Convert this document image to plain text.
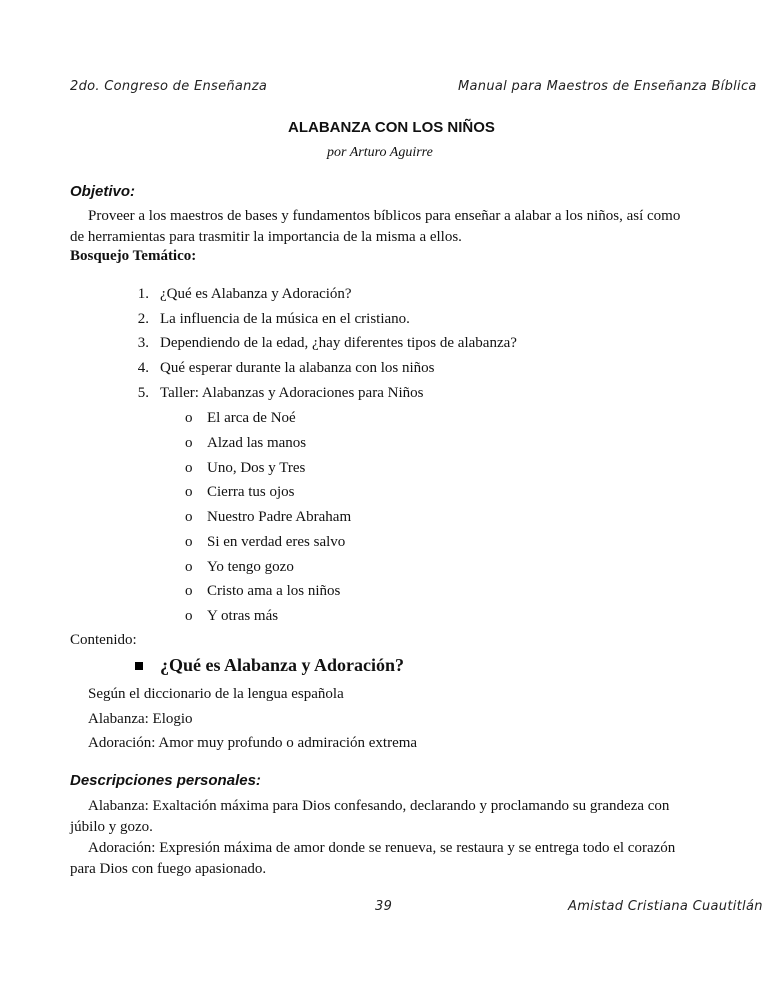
2do. Congreso de Enseñanza	Manual para Maestros de Enseñanza Bíblica
ALABANZA CON LOS NIÑOS
por Arturo Aguirre
Objetivo:
Proveer a los maestros de bases y fundamentos bíblicos para enseñar a alabar a los niños, así como de herramientas para trasmitir la importancia de la misma a ellos.
Bosquejo Temático:
1. ¿Qué es Alabanza y Adoración?
2. La influencia de la música en el cristiano.
3. Dependiendo de la edad, ¿hay diferentes tipos de alabanza?
4. Qué esperar durante la alabanza con los niños
5. Taller: Alabanzas y Adoraciones para Niños
o El arca de Noé
o Alzad las manos
o Uno, Dos y Tres
o Cierra tus ojos
o Nuestro Padre Abraham
o Si en verdad eres salvo
o Yo tengo gozo
o Cristo ama a los niños
o Y otras más
Contenido:
¿Qué es Alabanza y Adoración?
Según el diccionario de la lengua española
Alabanza: Elogio
Adoración: Amor muy profundo o admiración extrema
Descripciones personales:
Alabanza: Exaltación máxima para Dios confesando, declarando y proclamando su grandeza con júbilo y gozo.
Adoración: Expresión máxima de amor donde se renueva, se restaura y se entrega todo el corazón para Dios con fuego apasionado.
39	Amistad Cristiana Cuautitlán
